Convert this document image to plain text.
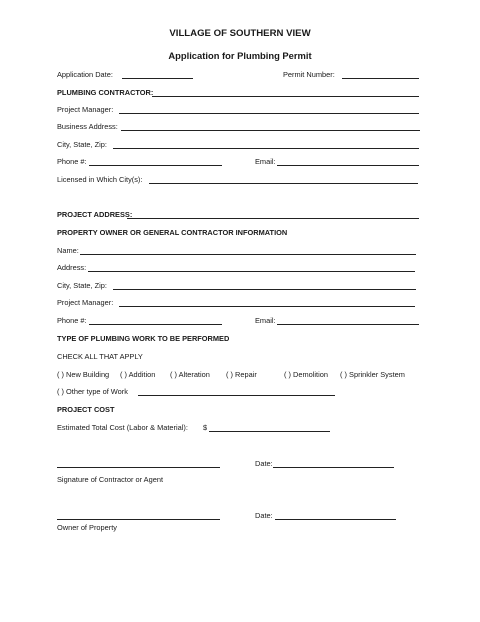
VILLAGE OF SOUTHERN VIEW
Application for Plumbing Permit
Application Date:	Permit Number:
PLUMBING CONTRACTOR:
Project Manager:
Business Address:
City, State, Zip:
Phone #:	Email:
Licensed in Which City(s):
PROJECT ADDRESS:
PROPERTY OWNER OR GENERAL CONTRACTOR INFORMATION
Name:
Address:
City, State, Zip:
Project Manager:
Phone #:	Email:
TYPE OF PLUMBING WORK TO BE PERFORMED
CHECK ALL THAT APPLY
( ) New Building ( ) Addition ( ) Alteration ( ) Repair	( ) Demolition ( ) Sprinkler System
( ) Other type of Work
PROJECT COST
Estimated Total Cost (Labor & Material): $
Date:
Signature of Contractor or Agent
Date:
Owner of Property
